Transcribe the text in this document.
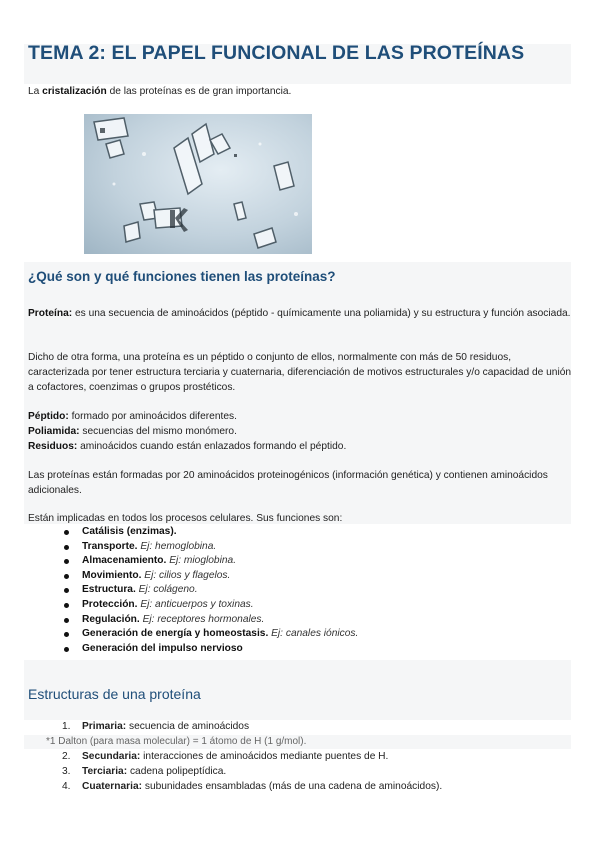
TEMA 2: EL PAPEL FUNCIONAL DE LAS PROTEÍNAS
La cristalización de las proteínas es de gran importancia.
¿Qué son y qué funciones tienen las proteínas?
Proteína: es una secuencia de aminoácidos (péptido - químicamente una poliamida) y su estructura y función asociada.
Dicho de otra forma, una proteína es un péptido o conjunto de ellos, normalmente con más de 50 residuos, caracterizada por tener estructura terciaria y cuaternaria, diferenciación de motivos estructurales y/o capacidad de unión a cofactores, coenzimas o grupos prostéticos.
Péptido: formado por aminoácidos diferentes.
Poliamida: secuencias del mismo monómero.
Residuos: aminoácidos cuando están enlazados formando el péptido.
Las proteínas están formadas por 20 aminoácidos proteinogénicos (información genética) y contienen aminoácidos adicionales.
Están implicadas en todos los procesos celulares. Sus funciones son:
Catálisis (enzimas).
Transporte. Ej: hemoglobina.
Almacenamiento. Ej: mioglobina.
Movimiento. Ej: cilios y flagelos.
Estructura. Ej: colágeno.
Protección. Ej: anticuerpos y toxinas.
Regulación. Ej: receptores hormonales.
Generación de energía y homeostasis. Ej: canales iónicos.
Generación del impulso nervioso
Estructuras de una proteína
1. Primaria: secuencia de aminoácidos
*1 Dalton (para masa molecular) = 1 átomo de H (1 g/mol).
2. Secundaria: interacciones de aminoácidos mediante puentes de H.
3. Terciaria: cadena polipeptídica.
4. Cuaternaria: subunidades ensambladas (más de una cadena de aminoácidos).
